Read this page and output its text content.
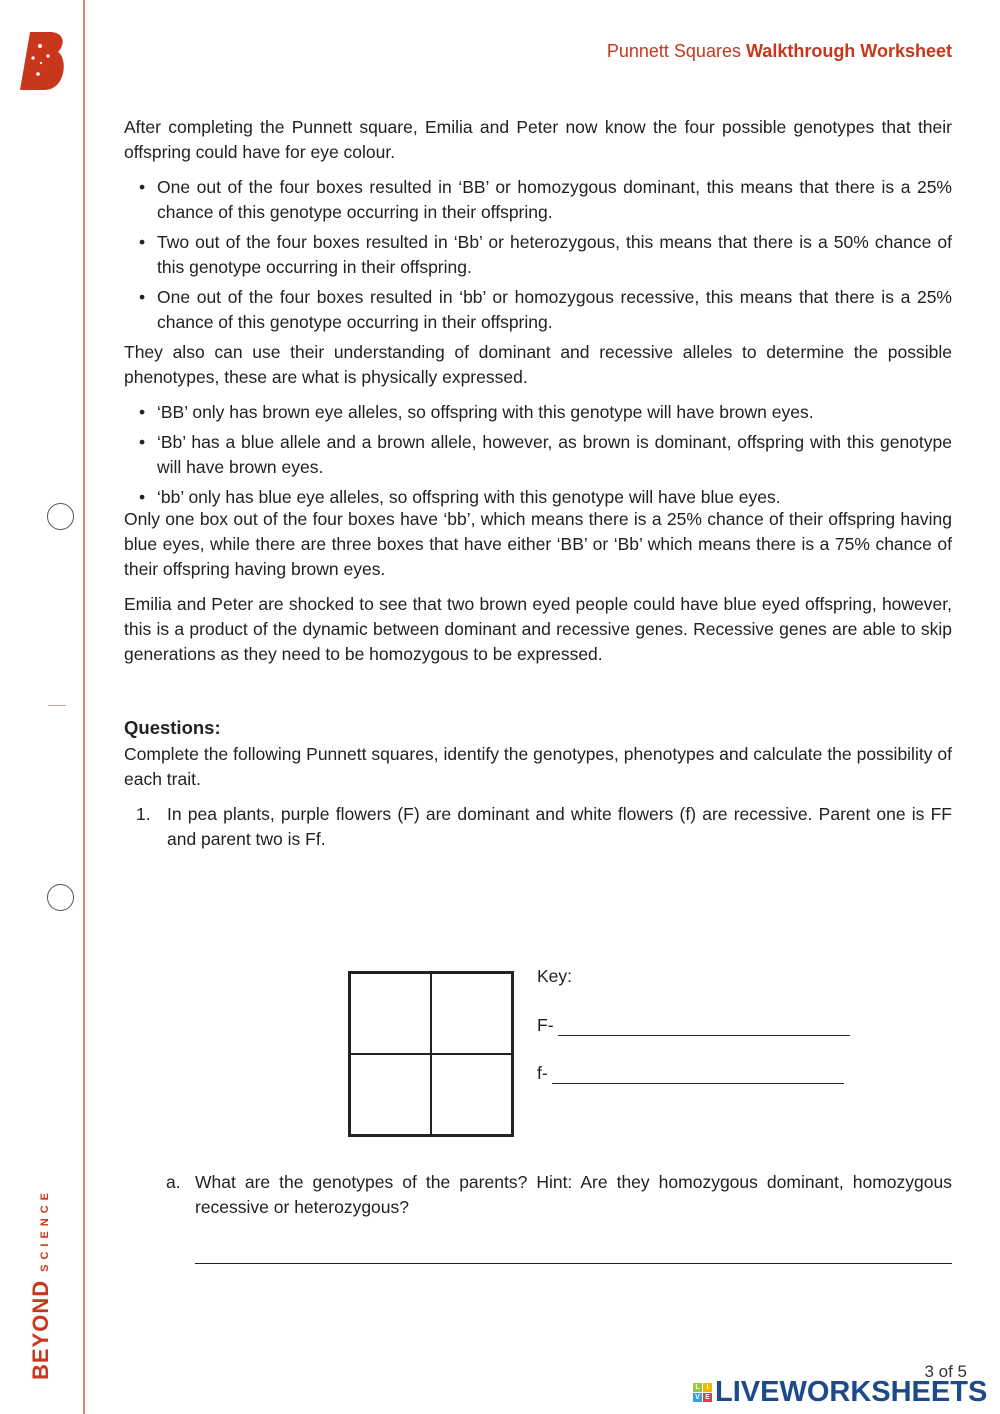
BEYONDSCIENCE
Punnett Squares Walkthrough Worksheet

After completing the Punnett square, Emilia and Peter now know the four possible genotypes that their offspring could have for eye colour.

• One out of the four boxes resulted in ‘BB’ or homozygous dominant, this means that there is a 25% chance of this genotype occurring in their offspring.
• Two out of the four boxes resulted in ‘Bb’ or heterozygous, this means that there is a 50% chance of this genotype occurring in their offspring.
• One out of the four boxes resulted in ‘bb’ or homozygous recessive, this means that there is a 25% chance of this genotype occurring in their offspring.

They also can use their understanding of dominant and recessive alleles to determine the possible phenotypes, these are what is physically expressed.

• ‘BB’ only has brown eye alleles, so offspring with this genotype will have brown eyes.
• ‘Bb’ has a blue allele and a brown allele, however, as brown is dominant, offspring with this genotype will have brown eyes.
• ‘bb’ only has blue eye alleles, so offspring with this genotype will have blue eyes.

Only one box out of the four boxes have ‘bb’, which means there is a 25% chance of their offspring having blue eyes, while there are three boxes that have either ‘BB’ or ‘Bb’ which means there is a 75% chance of their offspring having brown eyes.

Emilia and Peter are shocked to see that two brown eyed people could have blue eyed offspring, however, this is a product of the dynamic between dominant and recessive genes. Recessive genes are able to skip generations as they need to be homozygous to be expressed.

Questions:

Complete the following Punnett squares, identify the genotypes, phenotypes and calculate the possibility of each trait.

1. In pea plants, purple flowers (F) are dominant and white flowers (f) are recessive. Parent one is FF and parent two is Ff.
Key:
F-
f-
a. What are the genotypes of the parents? Hint: Are they homozygous dominant, homozygous recessive or heterozygous?
3 of 5
L I
V E LIVEWORKSHEETS
